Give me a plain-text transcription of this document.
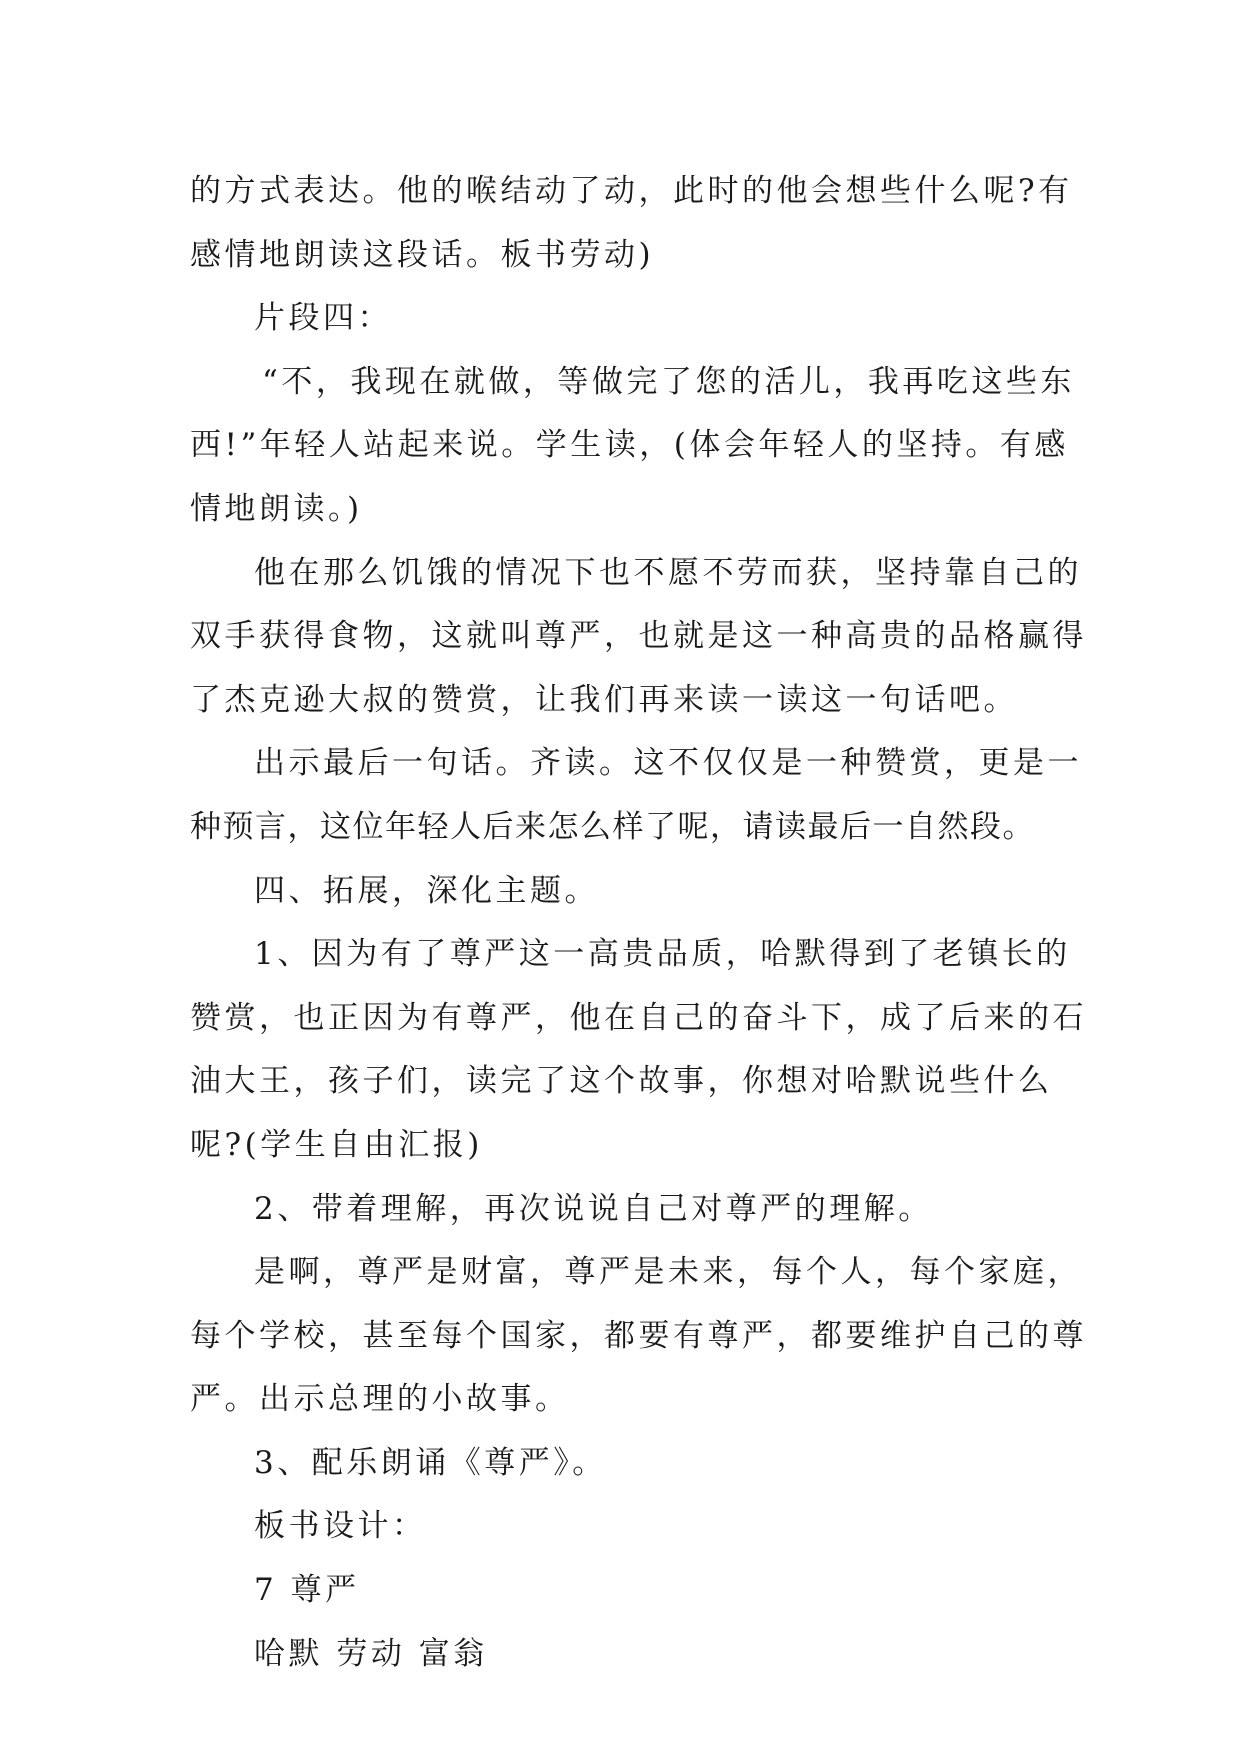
的方式表达。他的喉结动了动，此时的他会想些什么呢?有
感情地朗读这段话。板书劳动)
片段四：
“不，我现在就做，等做完了您的活儿，我再吃这些东
西!”年轻人站起来说。学生读，(体会年轻人的坚持。有感
情地朗读。)
他在那么饥饿的情况下也不愿不劳而获，坚持靠自己的
双手获得食物，这就叫尊严，也就是这一种高贵的品格赢得
了杰克逊大叔的赞赏，让我们再来读一读这一句话吧。
出示最后一句话。齐读。这不仅仅是一种赞赏，更是一
种预言，这位年轻人后来怎么样了呢，请读最后一自然段。
四、拓展，深化主题。
1、因为有了尊严这一高贵品质，哈默得到了老镇长的
赞赏，也正因为有尊严，他在自己的奋斗下，成了后来的石
油大王，孩子们，读完了这个故事，你想对哈默说些什么
呢?(学生自由汇报)
2、带着理解，再次说说自己对尊严的理解。
是啊，尊严是财富，尊严是未来，每个人，每个家庭，
每个学校，甚至每个国家，都要有尊严，都要维护自己的尊
严。出示总理的小故事。
3、配乐朗诵《尊严》。
板书设计：
7 尊严
哈默 劳动 富翁
